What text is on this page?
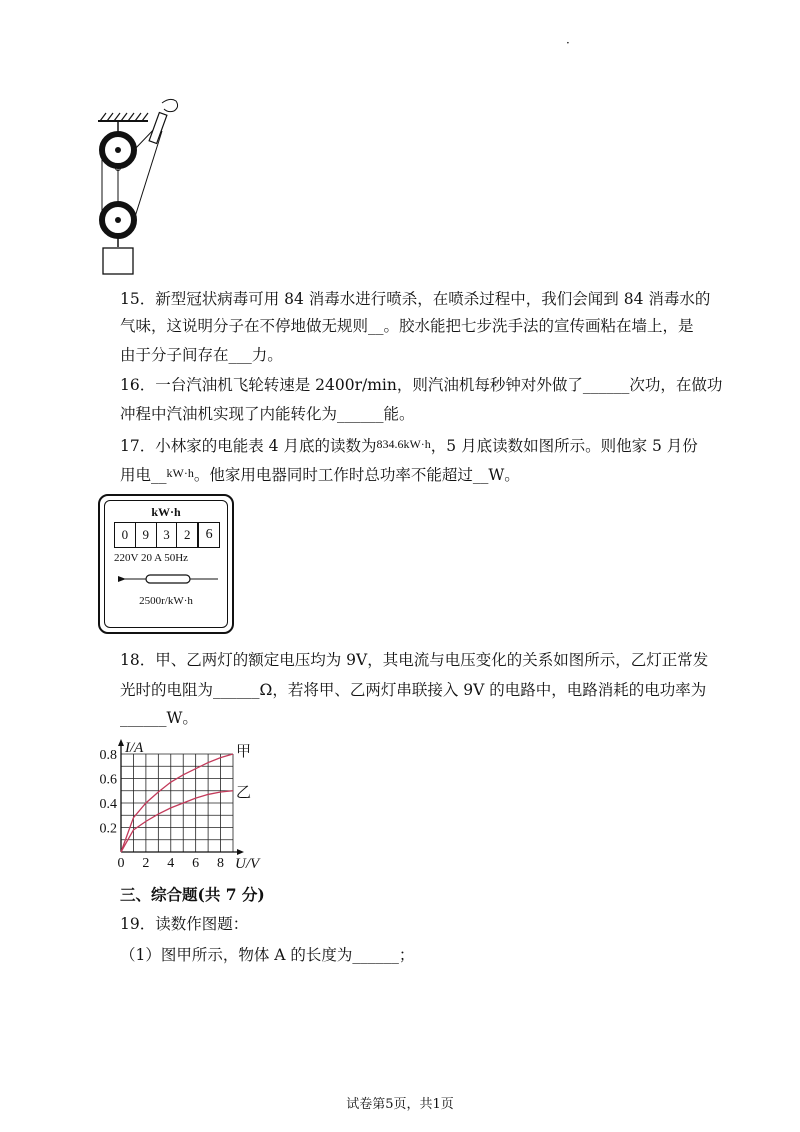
·
15．新型冠状病毒可用 84 消毒水进行喷杀，在喷杀过程中，我们会闻到 84 消毒水的
气味，这说明分子在不停地做无规则__。胶水能把七步洗手法的宣传画粘在墙上，是
由于分子间存在___力。
16．一台汽油机飞轮转速是 2400r/min，则汽油机每秒钟对外做了______次功，在做功
冲程中汽油机实现了内能转化为______能。
17．小林家的电能表 4 月底的读数为834.6kW·h，5 月底读数如图所示。则他家 5 月份
用电__kW·h。他家用电器同时工作时总功率不能超过__W。
kW·h
0	9	3	2	6
220V 20 A 50Hz
2500r/kW·h
18．甲、乙两灯的额定电压均为 9V，其电流与电压变化的关系如图所示，乙灯正常发
光时的电阻为______Ω，若将甲、乙两灯串联接入 9V 的电路中，电路消耗的电功率为
______W。
甲
乙
0 2 4 6 8
0.2
0.4
0.6
0.8 I/A
U/V
三、综合题(共 7 分)
19．读数作图题：
（1）图甲所示，物体 A 的长度为______；
试卷第5页，共1页
